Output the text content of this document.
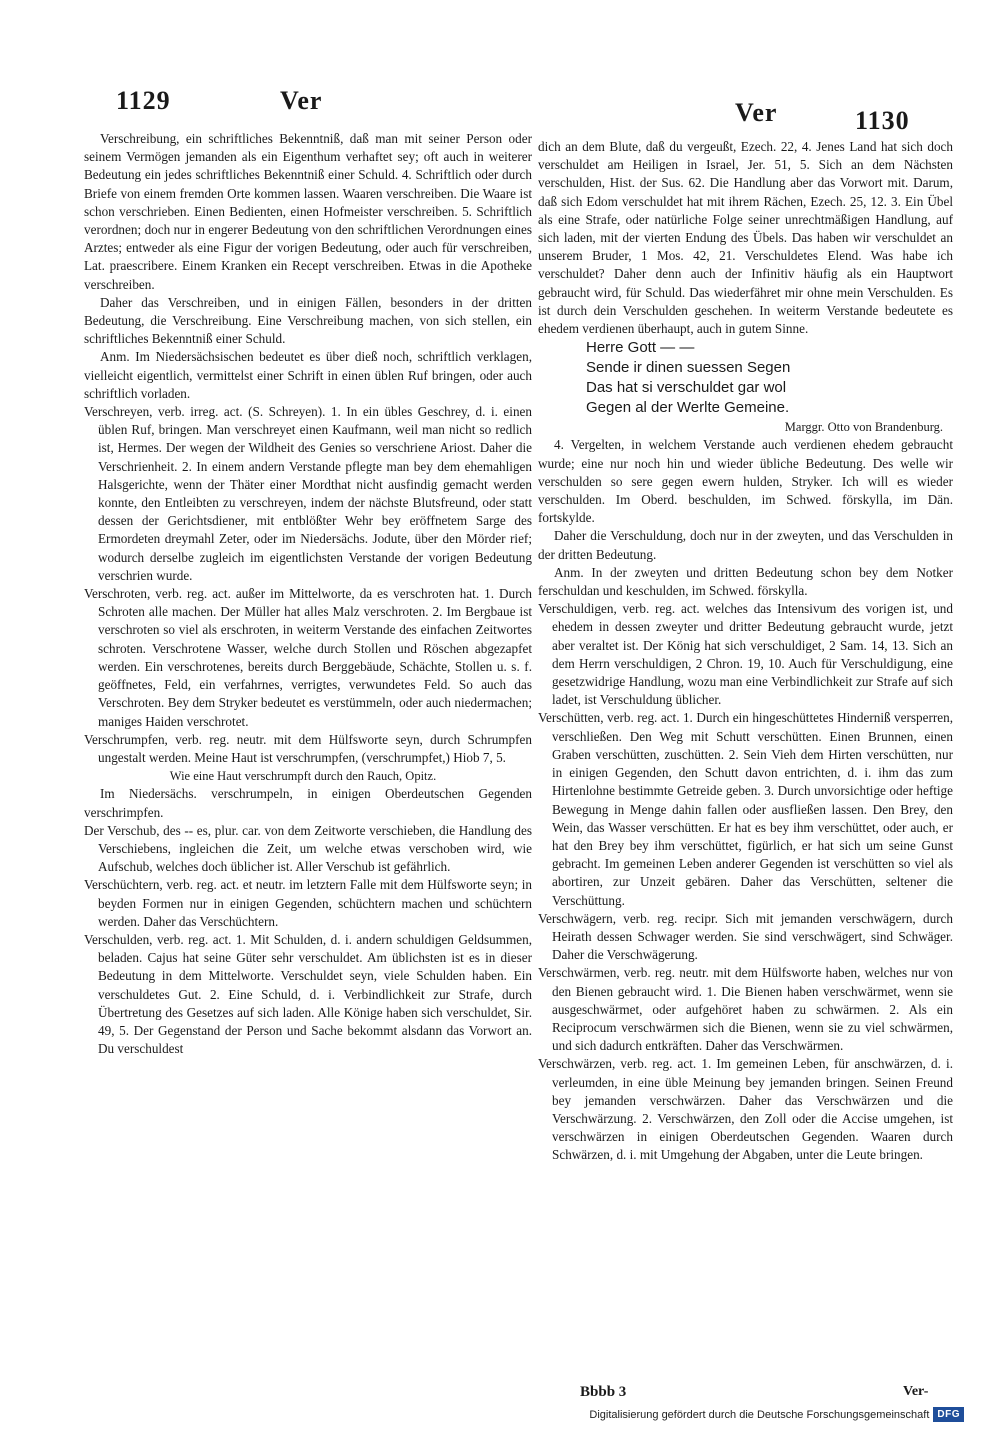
1129	Ver	Ver	1130

Verschreibung, ein schriftliches Bekenntniß, daß man mit seiner Person oder seinem Vermögen jemanden als ein Eigenthum verhaftet sey; oft auch in weiterer Bedeutung ein jedes schriftliches Bekenntniß einer Schuld. 4. Schriftlich oder durch Briefe von einem fremden Orte kommen lassen. Waaren verschreiben. Die Waare ist schon verschrieben. Einen Bedienten, einen Hofmeister verschreiben. 5. Schriftlich verordnen; doch nur in engerer Bedeutung von den schriftlichen Verordnungen eines Arztes; entweder als eine Figur der vorigen Bedeutung, oder auch für verschreiben, Lat. praescribere. Einem Kranken ein Recept verschreiben. Etwas in die Apotheke verschreiben.

Daher das Verschreiben, und in einigen Fällen, besonders in der dritten Bedeutung, die Verschreibung. Eine Verschreibung machen, von sich stellen, ein schriftliches Bekenntniß einer Schuld.

Anm. Im Niedersächsischen bedeutet es über dieß noch, schriftlich verklagen, vielleicht eigentlich, vermittelst einer Schrift in einen üblen Ruf bringen, oder auch schriftlich vorladen.

Verschreyen, verb. irreg. act. (S. Schreyen). 1. In ein übles Geschrey, d. i. einen üblen Ruf, bringen. Man verschreyet einen Kaufmann, weil man nicht so redlich ist, Hermes. Der wegen der Wildheit des Genies so verschriene Ariost. Daher die Verschrienheit. 2. In einem andern Verstande pflegte man bey dem ehemahligen Halsgerichte, wenn der Thäter einer Mordthat nicht ausfindig gemacht werden konnte, den Entleibten zu verschreyen, indem der nächste Blutsfreund, oder statt dessen der Gerichtsdiener, mit entblößter Wehr bey eröffnetem Sarge des Ermordeten dreymahl Zeter, oder im Niedersächs. Jodute, über den Mörder rief; wodurch derselbe zugleich im eigentlichsten Verstande der vorigen Bedeutung verschrien wurde.

Verschroten, verb. reg. act. außer im Mittelworte, da es verschroten hat. 1. Durch Schroten alle machen. Der Müller hat alles Malz verschroten. 2. Im Bergbaue ist verschroten so viel als erschroten, in weiterm Verstande des einfachen Zeitwortes schroten. Verschrotene Wasser, welche durch Stollen und Röschen abgezapfet werden. Ein verschrotenes, bereits durch Berggebäude, Schächte, Stollen u. s. f. geöffnetes, Feld, ein verfahrnes, verrigtes, verwundetes Feld. So auch das Verschroten. Bey dem Stryker bedeutet es verstümmeln, oder auch niedermachen; maniges Haiden verschrotet.

Verschrumpfen, verb. reg. neutr. mit dem Hülfsworte seyn, durch Schrumpfen ungestalt werden. Meine Haut ist verschrumpfen, (verschrumpfet,) Hiob 7, 5.

Wie eine Haut verschrumpft durch den Rauch, Opitz.

Im Niedersächs. verschrumpeln, in einigen Oberdeutschen Gegenden verschrimpfen.

Der Verschub, des -- es, plur. car. von dem Zeitworte verschieben, die Handlung des Verschiebens, ingleichen die Zeit, um welche etwas verschoben wird, wie Aufschub, welches doch üblicher ist. Aller Verschub ist gefährlich.

Verschüchtern, verb. reg. act. et neutr. im letztern Falle mit dem Hülfsworte seyn; in beyden Formen nur in einigen Gegenden, schüchtern machen und schüchtern werden. Daher das Verschüchtern.

Verschulden, verb. reg. act. 1. Mit Schulden, d. i. andern schuldigen Geldsummen, beladen. Cajus hat seine Güter sehr verschuldet. Am üblichsten ist es in dieser Bedeutung in dem Mittelworte. Verschuldet seyn, viele Schulden haben. Ein verschuldetes Gut. 2. Eine Schuld, d. i. Verbindlichkeit zur Strafe, durch Übertretung des Gesetzes auf sich laden. Alle Könige haben sich verschuldet, Sir. 49, 5. Der Gegenstand der Person und Sache bekommt alsdann das Vorwort an. Du verschuldest

dich an dem Blute, daß du vergeußt, Ezech. 22, 4. Jenes Land hat sich doch verschuldet am Heiligen in Israel, Jer. 51, 5. Sich an dem Nächsten verschulden, Hist. der Sus. 62. Die Handlung aber das Vorwort mit. Darum, daß sich Edom verschuldet hat mit ihrem Rächen, Ezech. 25, 12. 3. Ein Übel als eine Strafe, oder natürliche Folge seiner unrechtmäßigen Handlung, auf sich laden, mit der vierten Endung des Übels. Das haben wir verschuldet an unserem Bruder, 1 Mos. 42, 21. Verschuldetes Elend. Was habe ich verschuldet? Daher denn auch der Infinitiv häufig als ein Hauptwort gebraucht wird, für Schuld. Das wiederfähret mir ohne mein Verschulden. Es ist durch dein Verschulden geschehen. In weiterm Verstande bedeutete es ehedem verdienen überhaupt, auch in gutem Sinne.

Herre Gott — —

Sende ir dinen suessen Segen

Das hat si verschuldet gar wol

Gegen al der Werlte Gemeine.

Marggr. Otto von Brandenburg.

4. Vergelten, in welchem Verstande auch verdienen ehedem gebraucht wurde; eine nur noch hin und wieder übliche Bedeutung. Des welle wir verschulden so sere gegen ewern hulden, Stryker. Ich will es wieder verschulden. Im Oberd. beschulden, im Schwed. förskylla, im Dän. fortskylde.

Daher die Verschuldung, doch nur in der zweyten, und das Verschulden in der dritten Bedeutung.

Anm. In der zweyten und dritten Bedeutung schon bey dem Notker ferschuldan und keschulden, im Schwed. förskylla.

Verschuldigen, verb. reg. act. welches das Intensivum des vorigen ist, und ehedem in dessen zweyter und dritter Bedeutung gebraucht wurde, jetzt aber veraltet ist. Der König hat sich verschuldiget, 2 Sam. 14, 13. Sich an dem Herrn verschuldigen, 2 Chron. 19, 10. Auch für Verschuldigung, eine gesetzwidrige Handlung, wozu man eine Verbindlichkeit zur Strafe auf sich ladet, ist Verschuldung üblicher.

Verschütten, verb. reg. act. 1. Durch ein hingeschüttetes Hinderniß versperren, verschließen. Den Weg mit Schutt verschütten. Einen Brunnen, einen Graben verschütten, zuschütten. 2. Sein Vieh dem Hirten verschütten, nur in einigen Gegenden, den Schutt davon entrichten, d. i. ihm das zum Hirtenlohne bestimmte Getreide geben. 3. Durch unvorsichtige oder heftige Bewegung in Menge dahin fallen oder ausfließen lassen. Den Brey, den Wein, das Wasser verschütten. Er hat es bey ihm verschüttet, oder auch, er hat den Brey bey ihm verschüttet, figürlich, er hat sich um seine Gunst gebracht. Im gemeinen Leben anderer Gegenden ist verschütten so viel als abortiren, zur Unzeit gebären. Daher das Verschütten, seltener die Verschüttung.

Verschwägern, verb. reg. recipr. Sich mit jemanden verschwägern, durch Heirath dessen Schwager werden. Sie sind verschwägert, sind Schwäger. Daher die Verschwägerung.

Verschwärmen, verb. reg. neutr. mit dem Hülfsworte haben, welches nur von den Bienen gebraucht wird. 1. Die Bienen haben verschwärmet, wenn sie ausgeschwärmet, oder aufgehöret haben zu schwärmen. 2. Als ein Reciprocum verschwärmen sich die Bienen, wenn sie zu viel schwärmen, und sich dadurch entkräften. Daher das Verschwärmen.

Verschwärzen, verb. reg. act. 1. Im gemeinen Leben, für anschwärzen, d. i. verleumden, in eine üble Meinung bey jemanden bringen. Seinen Freund bey jemanden verschwärzen. Daher das Verschwärzen und die Verschwärzung. 2. Verschwärzen, den Zoll oder die Accise umgehen, ist verschwärzen in einigen Oberdeutschen Gegenden. Waaren durch Schwärzen, d. i. mit Umgehung der Abgaben, unter die Leute bringen.

Bbbb 3	Ver-
Digitalisierung gefördert durch die Deutsche Forschungsgemeinschaft DFG
